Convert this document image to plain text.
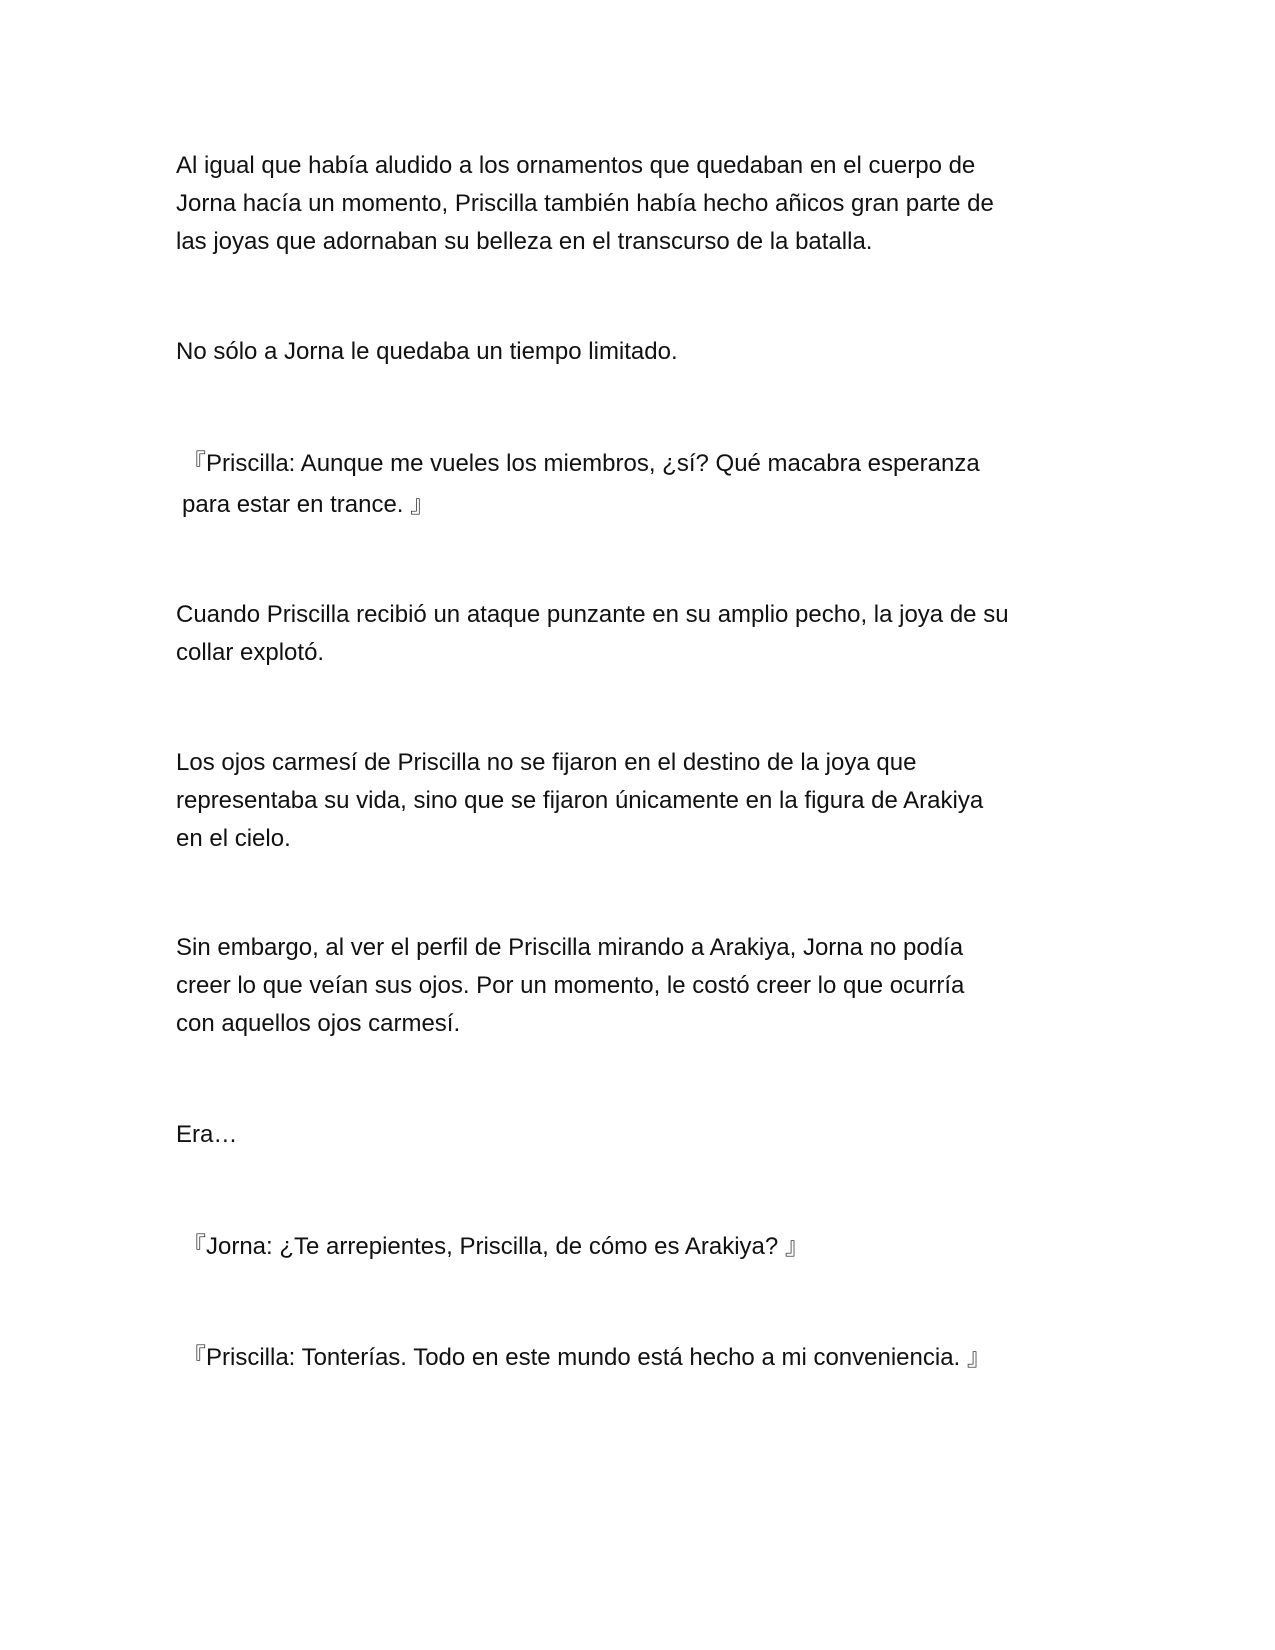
Al igual que había aludido a los ornamentos que quedaban en el cuerpo de
Jorna hacía un momento, Priscilla también había hecho añicos gran parte de
las joyas que adornaban su belleza en el transcurso de la batalla.

No sólo a Jorna le quedaba un tiempo limitado.

『Priscilla: Aunque me vueles los miembros, ¿sí? Qué macabra esperanza
para estar en trance. 』

Cuando Priscilla recibió un ataque punzante en su amplio pecho, la joya de su
collar explotó.

Los ojos carmesí de Priscilla no se fijaron en el destino de la joya que
representaba su vida, sino que se fijaron únicamente en la figura de Arakiya
en el cielo.

Sin embargo, al ver el perfil de Priscilla mirando a Arakiya, Jorna no podía
creer lo que veían sus ojos. Por un momento, le costó creer lo que ocurría
con aquellos ojos carmesí.

Era…

『Jorna: ¿Te arrepientes, Priscilla, de cómo es Arakiya? 』

『Priscilla: Tonterías. Todo en este mundo está hecho a mi conveniencia. 』
